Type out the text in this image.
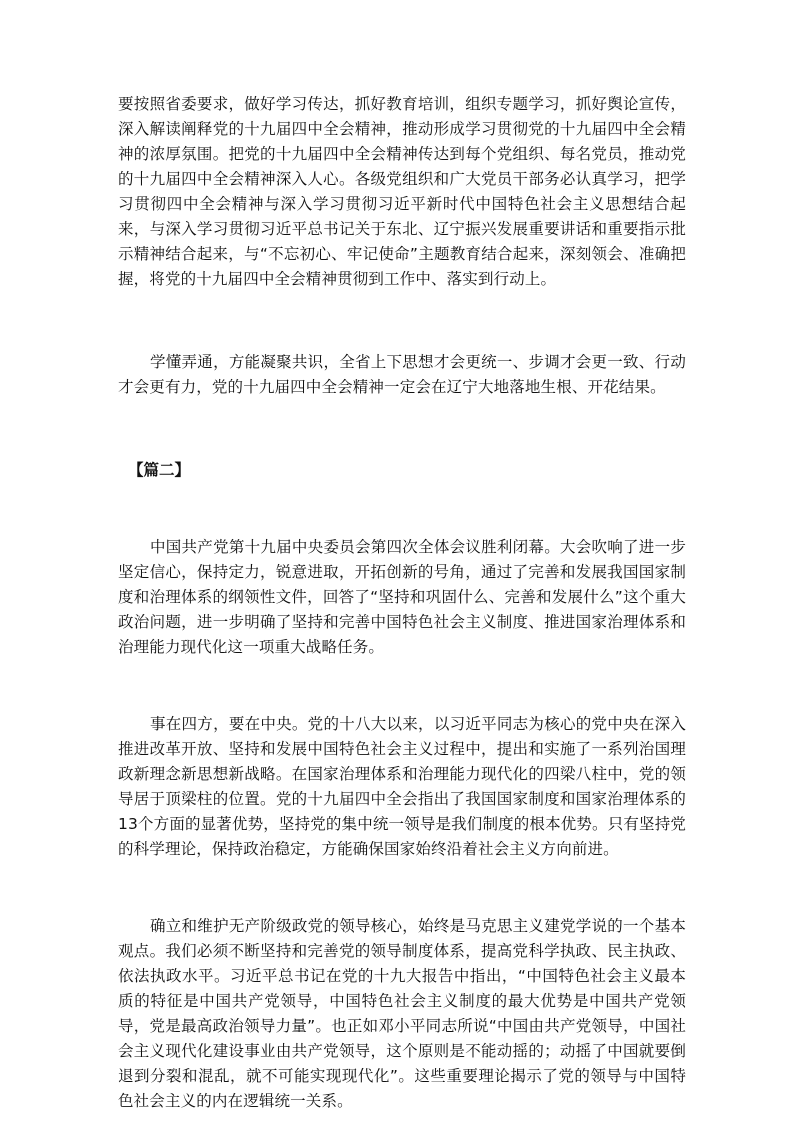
要按照省委要求，做好学习传达，抓好教育培训，组织专题学习，抓好舆论宣传，深入解读阐释党的十九届四中全会精神，推动形成学习贯彻党的十九届四中全会精神的浓厚氛围。把党的十九届四中全会精神传达到每个党组织、每名党员，推动党的十九届四中全会精神深入人心。各级党组织和广大党员干部务必认真学习，把学习贯彻四中全会精神与深入学习贯彻习近平新时代中国特色社会主义思想结合起来，与深入学习贯彻习近平总书记关于东北、辽宁振兴发展重要讲话和重要指示批示精神结合起来，与“不忘初心、牢记使命”主题教育结合起来，深刻领会、准确把握，将党的十九届四中全会精神贯彻到工作中、落实到行动上。

学懂弄通，方能凝聚共识，全省上下思想才会更统一、步调才会更一致、行动才会更有力，党的十九届四中全会精神一定会在辽宁大地落地生根、开花结果。

【篇二】

中国共产党第十九届中央委员会第四次全体会议胜利闭幕。大会吹响了进一步坚定信心，保持定力，锐意进取，开拓创新的号角，通过了完善和发展我国国家制度和治理体系的纲领性文件，回答了“坚持和巩固什么、完善和发展什么”这个重大政治问题，进一步明确了坚持和完善中国特色社会主义制度、推进国家治理体系和治理能力现代化这一项重大战略任务。

事在四方，要在中央。党的十八大以来，以习近平同志为核心的党中央在深入推进改革开放、坚持和发展中国特色社会主义过程中，提出和实施了一系列治国理政新理念新思想新战略。在国家治理体系和治理能力现代化的四梁八柱中，党的领导居于顶梁柱的位置。党的十九届四中全会指出了我国国家制度和国家治理体系的13个方面的显著优势，坚持党的集中统一领导是我们制度的根本优势。只有坚持党的科学理论，保持政治稳定，方能确保国家始终沿着社会主义方向前进。

确立和维护无产阶级政党的领导核心，始终是马克思主义建党学说的一个基本观点。我们必须不断坚持和完善党的领导制度体系，提高党科学执政、民主执政、依法执政水平。习近平总书记在党的十九大报告中指出，“中国特色社会主义最本质的特征是中国共产党领导，中国特色社会主义制度的最大优势是中国共产党领导，党是最高政治领导力量”。也正如邓小平同志所说“中国由共产党领导，中国社会主义现代化建设事业由共产党领导，这个原则是不能动摇的；动摇了中国就要倒退到分裂和混乱，就不可能实现现代化”。这些重要理论揭示了党的领导与中国特色社会主义的内在逻辑统一关系。
